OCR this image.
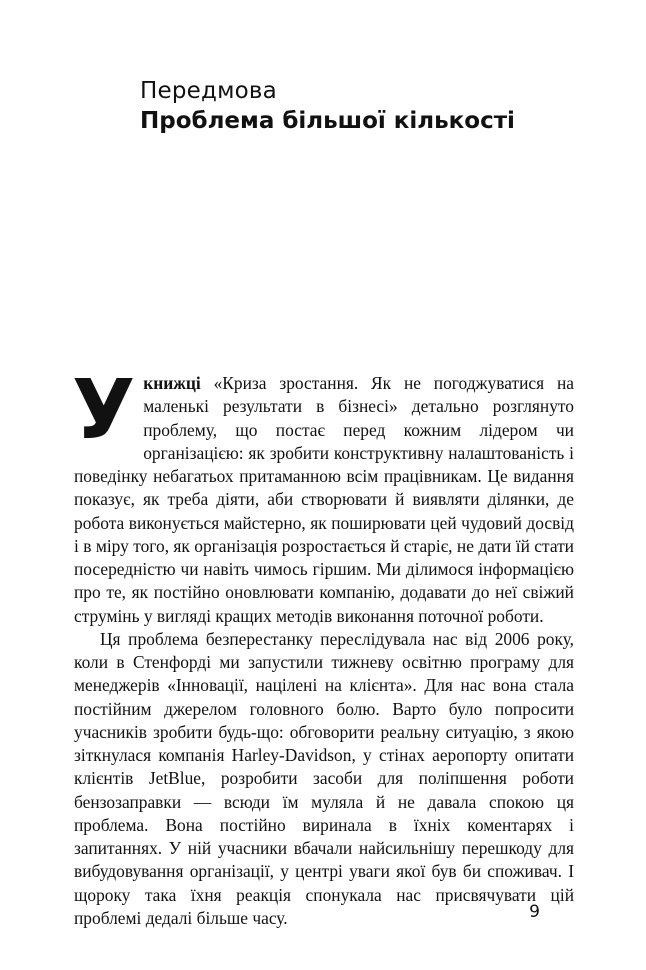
Передмова
Проблема більшої кількості

Укнижці «Криза зростання. Як не погоджуватися на маленькі результати в бізнесі» детально розглянуто проблему, що постає перед кожним лідером чи організацією: як зробити конструктивну налаштованість і поведінку небагатьох притаманною всім працівникам. Це видання показує, як треба діяти, аби створювати й виявляти ділянки, де робота виконується майстерно, як поширювати цей чудовий досвід і в міру того, як організація розростається й старіє, не дати їй стати посередністю чи навіть чимось гіршим. Ми ділимося інформацією про те, як постійно оновлювати компанію, додавати до неї свіжий струмінь у вигляді кращих методів виконання поточної роботи.

Ця проблема безперестанку переслідувала нас від 2006 року, коли в Стенфорді ми запустили тижневу освітню програму для менеджерів «Інновації, націлені на клієнта». Для нас вона стала постійним джерелом головного болю. Варто було попросити учасників зробити будь-що: обговорити реальну ситуацію, з якою зіткнулася компанія Harley-Davidson, у стінах аеропорту опитати клієнтів JetBlue, розробити засоби для поліпшення роботи бензозаправки — всюди їм муляла й не давала спокою ця проблема. Вона постійно виринала в їхніх коментарях і запитаннях. У ній учасники вбачали найсильнішу перешкоду для вибудовування організації, у центрі уваги якої був би споживач. І щороку така їхня реакція спонукала нас присвячувати цій проблемі дедалі більше часу.	9
